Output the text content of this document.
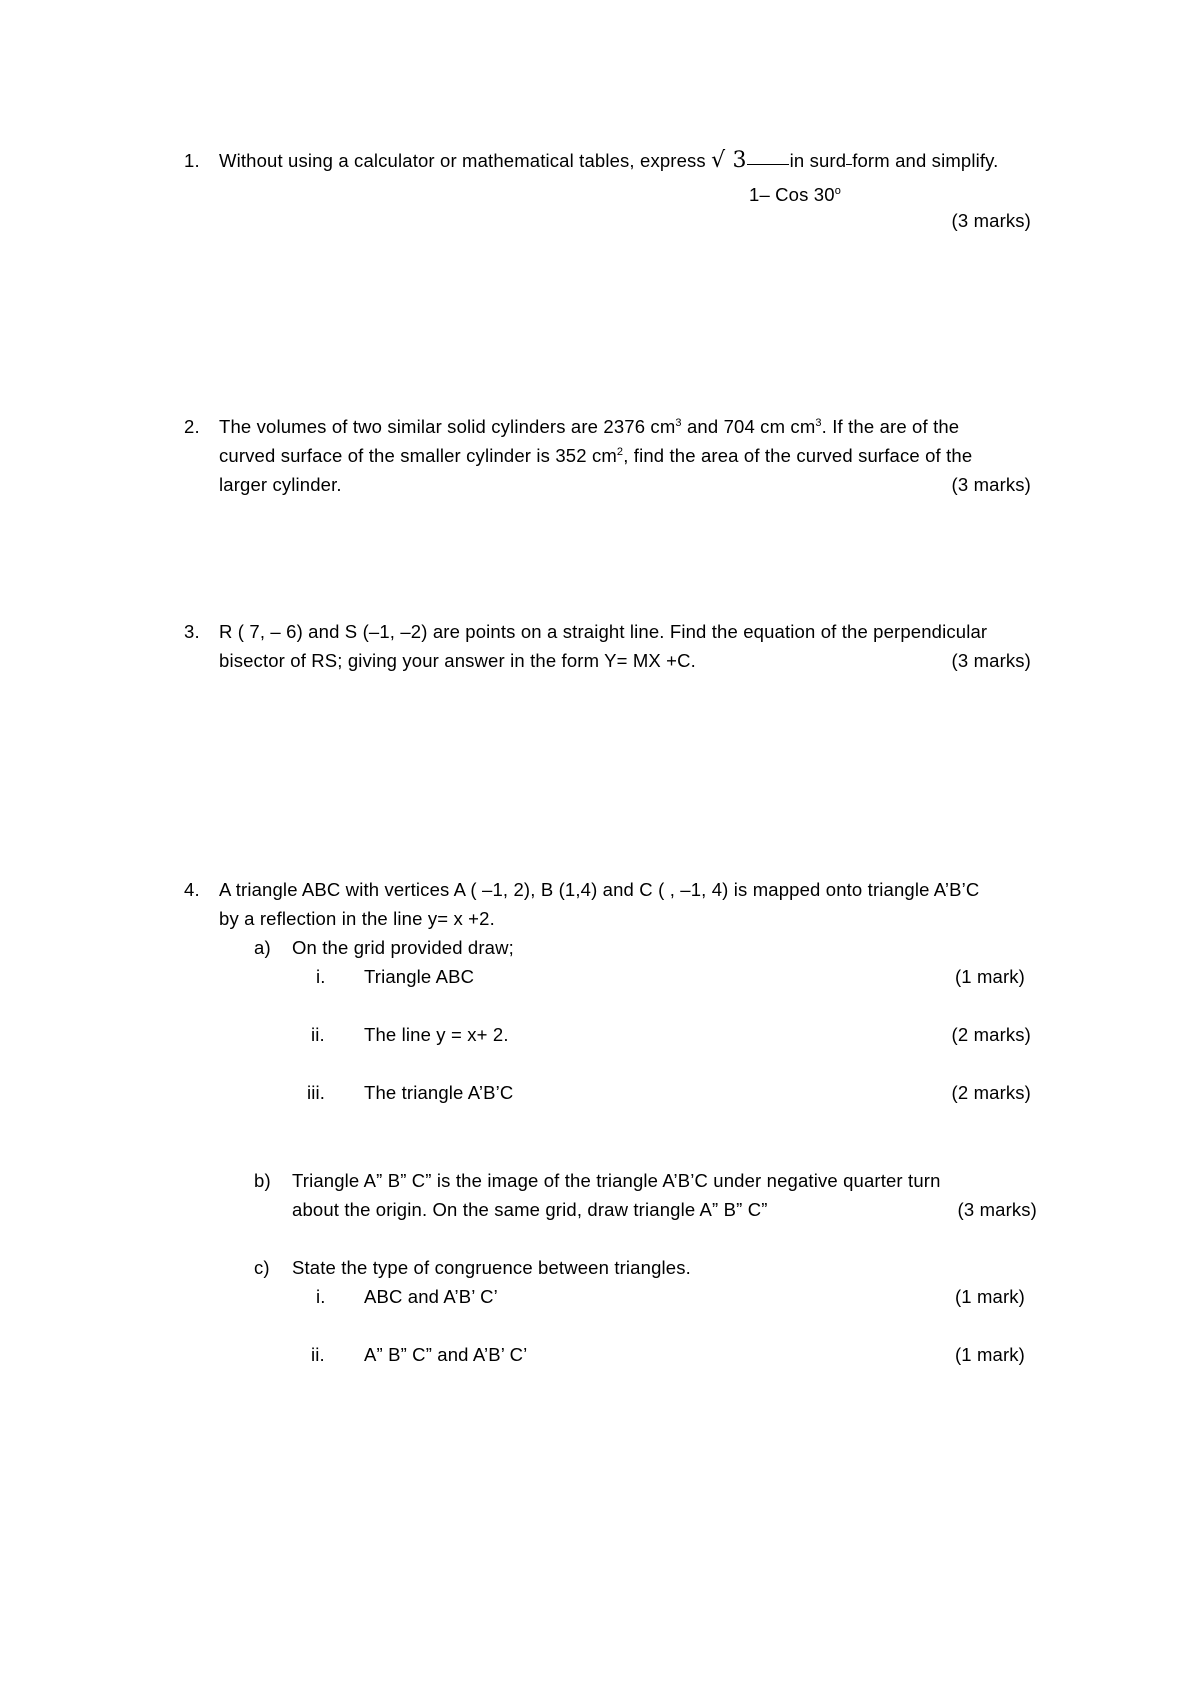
1. Without using a calculator or mathematical tables, express √ 3 in surd form and simplify.
1– Cos 30$^o$
(3 marks)
2. The volumes of two similar solid cylinders are 2376 $cm^3$ and 704 cm $cm^3$. If the are of the
curved surface of the smaller cylinder is 352 $cm^2$, find the area of the curved surface of the
larger cylinder.	(3 marks)
3. R ( 7, – 6) and S (–1, –2) are points on a straight line. Find the equation of the perpendicular
bisector of RS; giving your answer in the form Y= MX +C.	(3 marks)
4. A triangle ABC with vertices A ( –1, 2), B (1,4) and C ( , –1, 4) is mapped onto triangle A’B’C
by a reflection in the line y= x +2.
a) On the grid provided draw;
i. Triangle ABC	(1 mark)
ii. The line y = x+ 2.	(2 marks)
iii. The triangle A’B’C	(2 marks)
b) Triangle A” B” C” is the image of the triangle A’B’C under negative quarter turn
about the origin. On the same grid, draw triangle A” B” C”	(3 marks)
c) State the type of congruence between triangles.
i. ABC and A’B’ C’	(1 mark)
ii. A” B” C” and A’B’ C’	(1 mark)
